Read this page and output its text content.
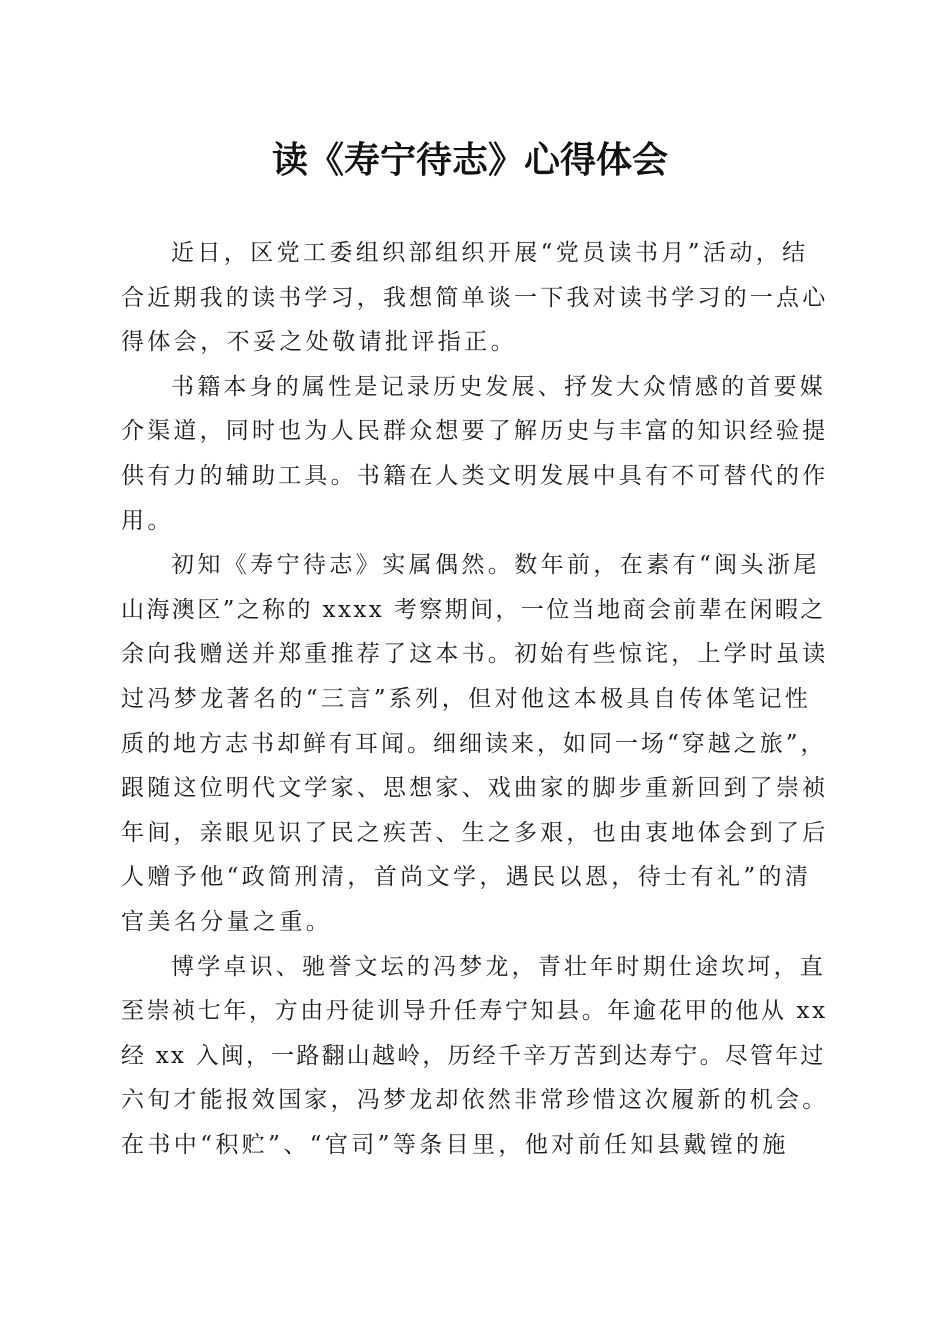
读《寿宁待志》心得体会

近日，区党工委组织部组织开展“党员读书月”活动，结
合近期我的读书学习，我想简单谈一下我对读书学习的一点心
得体会，不妥之处敬请批评指正。

书籍本身的属性是记录历史发展、抒发大众情感的首要媒
介渠道，同时也为人民群众想要了解历史与丰富的知识经验提
供有力的辅助工具。书籍在人类文明发展中具有不可替代的作
用。

初知《寿宁待志》实属偶然。数年前，在素有“闽头浙尾
山海澳区”之称的 xxxx 考察期间，一位当地商会前辈在闲暇之
余向我赠送并郑重推荐了这本书。初始有些惊诧，上学时虽读
过冯梦龙著名的“三言”系列，但对他这本极具自传体笔记性
质的地方志书却鲜有耳闻。细细读来，如同一场“穿越之旅”，
跟随这位明代文学家、思想家、戏曲家的脚步重新回到了崇祯
年间，亲眼见识了民之疾苦、生之多艰，也由衷地体会到了后
人赠予他“政简刑清，首尚文学，遇民以恩，待士有礼”的清
官美名分量之重。

博学卓识、驰誉文坛的冯梦龙，青壮年时期仕途坎坷，直
至崇祯七年，方由丹徒训导升任寿宁知县。年逾花甲的他从 xx
经 xx 入闽，一路翻山越岭，历经千辛万苦到达寿宁。尽管年过
六旬才能报效国家，冯梦龙却依然非常珍惜这次履新的机会。
在书中“积贮”、“官司”等条目里，他对前任知县戴镗的施
